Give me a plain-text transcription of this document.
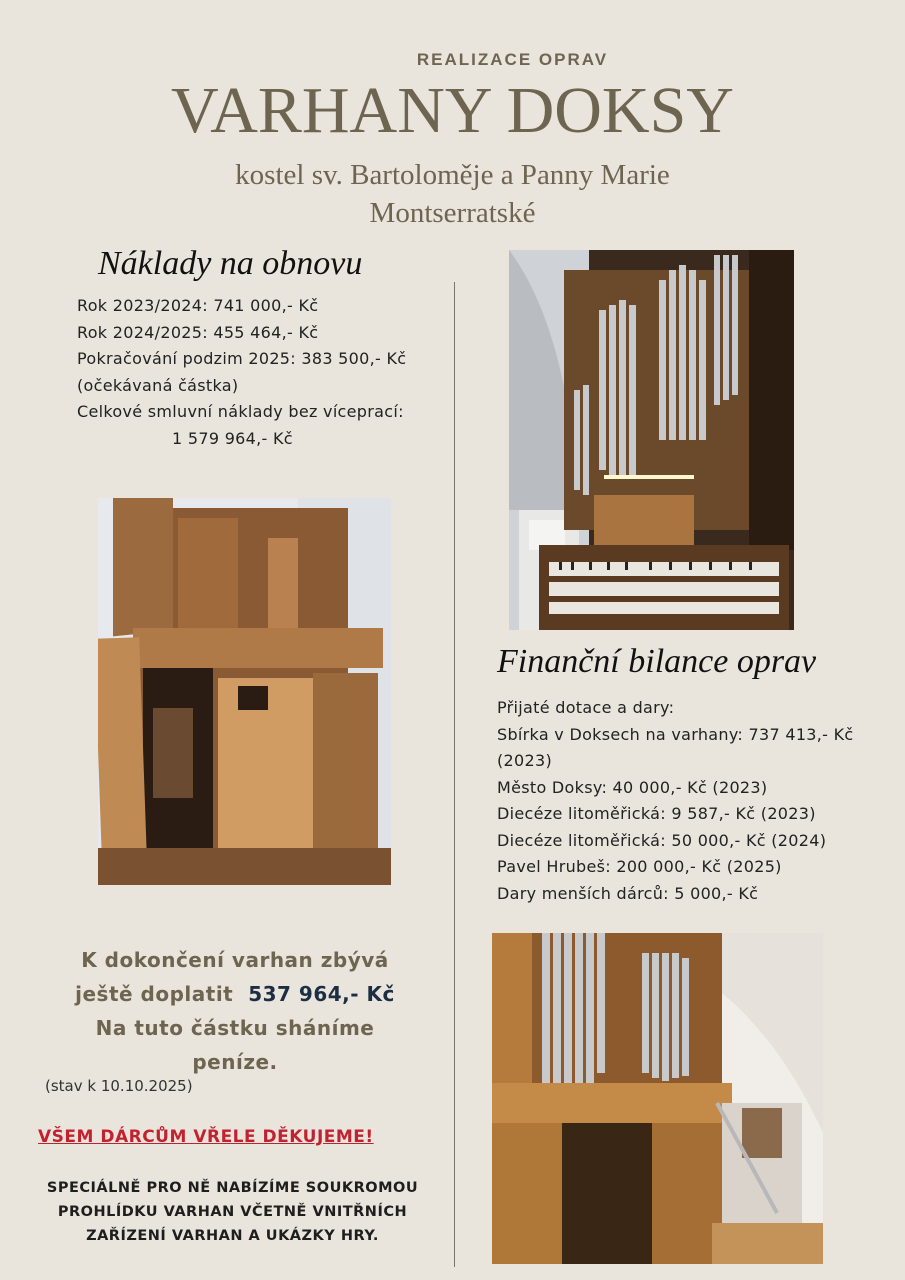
REALIZACE OPRAV
VARHANY DOKSY
kostel sv. Bartoloměje a Panny Marie
Montserratské
Náklady na obnovu
Rok 2023/2024: 741 000,- Kč
Rok 2024/2025: 455 464,- Kč
Pokračování podzim 2025: 383 500,- Kč
(očekávaná částka)
Celkové smluvní náklady bez víceprací:
1 579 964,- Kč
Finanční bilance oprav
Přijaté dotace a dary:
Sbírka v Doksech na varhany: 737 413,- Kč
(2023)
Město Doksy: 40 000,- Kč (2023)
Diecéze litoměřická: 9 587,- Kč (2023)
Diecéze litoměřická: 50 000,- Kč (2024)
Pavel Hrubeš: 200 000,- Kč (2025)
Dary menších dárců: 5 000,- Kč
K dokončení varhan zbývá
ještě doplatit 537 964,- Kč
Na tuto částku sháníme
peníze.
(stav k 10.10.2025)
VŠEM DÁRCŮM VŘELE DĚKUJEME!
SPECIÁLNĚ PRO NĚ NABÍZÍME SOUKROMOU
PROHLÍDKU VARHAN VČETNĚ VNITŘNÍCH
ZAŘÍZENÍ VARHAN A UKÁZKY HRY.
